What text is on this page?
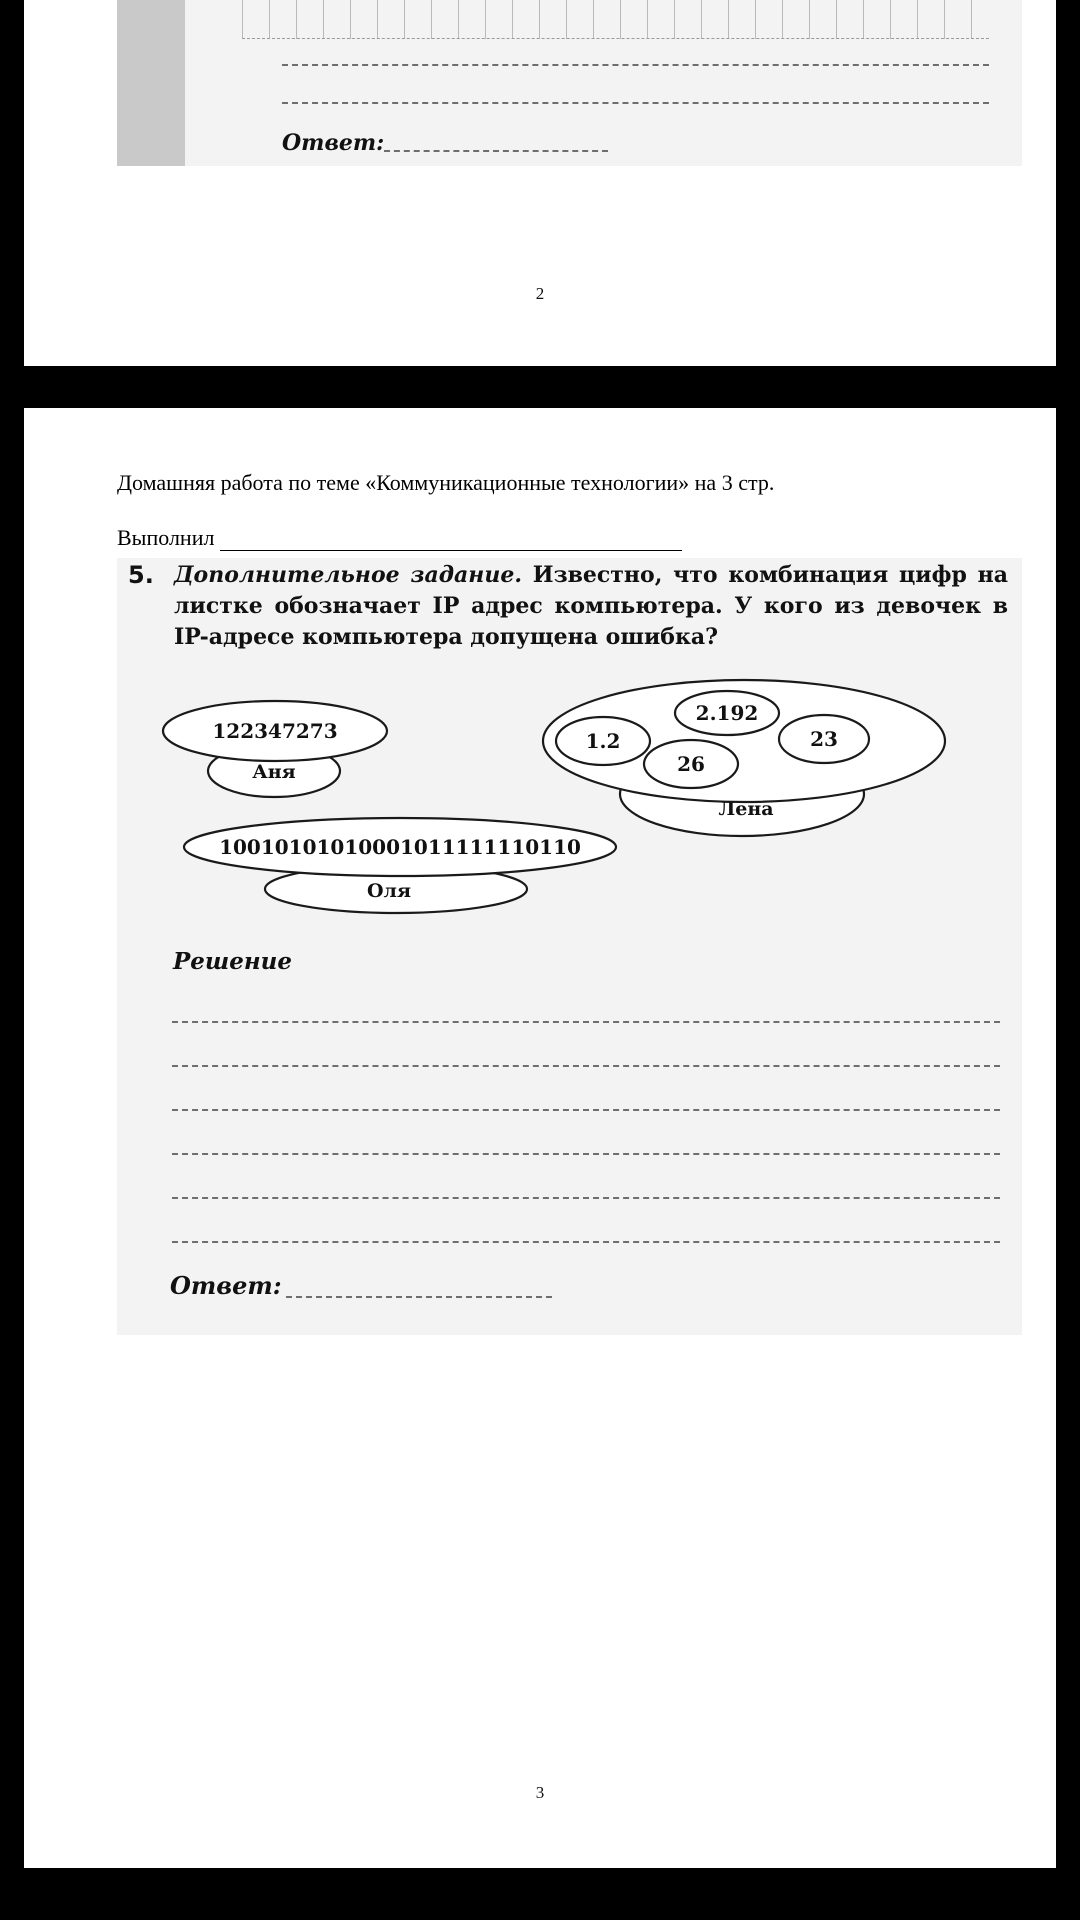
Ответ:
2
Домашняя работа по теме «Коммуникационные технологии» на 3 стр.
Выполнил
5. Дополнительное задание. Известно, что комбинация цифр на листке обозначает IP адрес компьютера. У кого из девочек в IP-адресе компьютера допущена ошибка?
122347273
Аня
2.192
1.2	23
26
Лена
10010101010001011111110110
Оля
Решение
Ответ:
3
